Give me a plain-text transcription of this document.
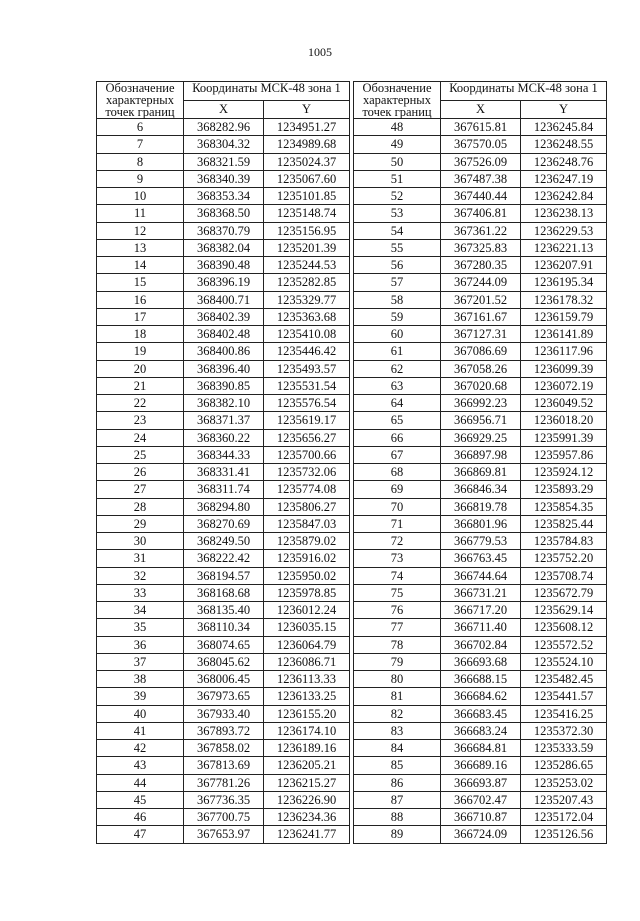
1005
Обозначение характерных точек границ	Координаты МСК-48 зона 1	
	X	Y
6	368282.96	1234951.27
7	368304.32	1234989.68
8	368321.59	1235024.37
9	368340.39	1235067.60
10	368353.34	1235101.85
11	368368.50	1235148.74
12	368370.79	1235156.95
13	368382.04	1235201.39
14	368390.48	1235244.53
15	368396.19	1235282.85
16	368400.71	1235329.77
17	368402.39	1235363.68
18	368402.48	1235410.08
19	368400.86	1235446.42
20	368396.40	1235493.57
21	368390.85	1235531.54
22	368382.10	1235576.54
23	368371.37	1235619.17
24	368360.22	1235656.27
25	368344.33	1235700.66
26	368331.41	1235732.06
27	368311.74	1235774.08
28	368294.80	1235806.27
29	368270.69	1235847.03
30	368249.50	1235879.02
31	368222.42	1235916.02
32	368194.57	1235950.02
33	368168.68	1235978.85
34	368135.40	1236012.24
35	368110.34	1236035.15
36	368074.65	1236064.79
37	368045.62	1236086.71
38	368006.45	1236113.33
39	367973.65	1236133.25
40	367933.40	1236155.20
41	367893.72	1236174.10
42	367858.02	1236189.16
43	367813.69	1236205.21
44	367781.26	1236215.27
45	367736.35	1236226.90
46	367700.75	1236234.36
47	367653.97	1236241.77
Обозначение характерных точек границ	Координаты МСК-48 зона 1	
	X	Y
48	367615.81	1236245.84
49	367570.05	1236248.55
50	367526.09	1236248.76
51	367487.38	1236247.19
52	367440.44	1236242.84
53	367406.81	1236238.13
54	367361.22	1236229.53
55	367325.83	1236221.13
56	367280.35	1236207.91
57	367244.09	1236195.34
58	367201.52	1236178.32
59	367161.67	1236159.79
60	367127.31	1236141.89
61	367086.69	1236117.96
62	367058.26	1236099.39
63	367020.68	1236072.19
64	366992.23	1236049.52
65	366956.71	1236018.20
66	366929.25	1235991.39
67	366897.98	1235957.86
68	366869.81	1235924.12
69	366846.34	1235893.29
70	366819.78	1235854.35
71	366801.96	1235825.44
72	366779.53	1235784.83
73	366763.45	1235752.20
74	366744.64	1235708.74
75	366731.21	1235672.79
76	366717.20	1235629.14
77	366711.40	1235608.12
78	366702.84	1235572.52
79	366693.68	1235524.10
80	366688.15	1235482.45
81	366684.62	1235441.57
82	366683.45	1235416.25
83	366683.24	1235372.30
84	366684.81	1235333.59
85	366689.16	1235286.65
86	366693.87	1235253.02
87	366702.47	1235207.43
88	366710.87	1235172.04
89	366724.09	1235126.56
